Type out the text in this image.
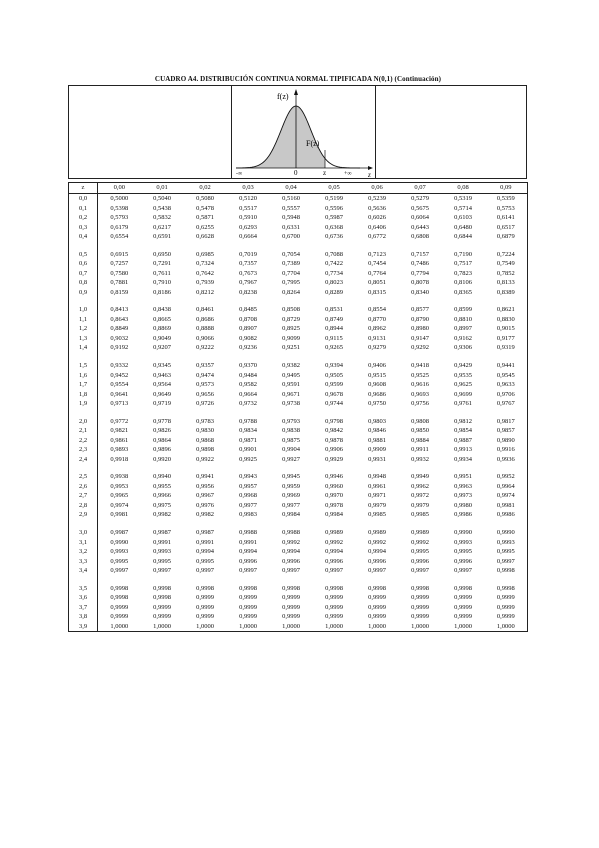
CUADRO A4. DISTRIBUCIÓN CONTINUA NORMAL TIPIFICADA N(0,1) (Continuación)
f(z)
F(z)
-∞	0	z	+∞ z
z	0,00	0,01	0,02	0,03	0,04	0,05	0,06	0,07	0,08	0,09
0,0	0,5000	0,5040	0,5080	0,5120	0,5160	0,5199	0,5239	0,5279	0,5319	0,5359
0,1	0,5398	0,5438	0,5478	0,5517	0,5557	0,5596	0,5636	0,5675	0,5714	0,5753
0,2	0,5793	0,5832	0,5871	0,5910	0,5948	0,5987	0,6026	0,6064	0,6103	0,6141
0,3	0,6179	0,6217	0,6255	0,6293	0,6331	0,6368	0,6406	0,6443	0,6480	0,6517
0,4	0,6554	0,6591	0,6628	0,6664	0,6700	0,6736	0,6772	0,6808	0,6844	0,6879

0,5	0,6915	0,6950	0,6985	0,7019	0,7054	0,7088	0,7123	0,7157	0,7190	0,7224
0,6	0,7257	0,7291	0,7324	0,7357	0,7389	0,7422	0,7454	0,7486	0,7517	0,7549
0,7	0,7580	0,7611	0,7642	0,7673	0,7704	0,7734	0,7764	0,7794	0,7823	0,7852
0,8	0,7881	0,7910	0,7939	0,7967	0,7995	0,8023	0,8051	0,8078	0,8106	0,8133
0,9	0,8159	0,8186	0,8212	0,8238	0,8264	0,8289	0,8315	0,8340	0,8365	0,8389

1,0	0,8413	0,8438	0,8461	0,8485	0,8508	0,8531	0,8554	0,8577	0,8599	0,8621
1,1	0,8643	0,8665	0,8686	0,8708	0,8729	0,8749	0,8770	0,8790	0,8810	0,8830
1,2	0,8849	0,8869	0,8888	0,8907	0,8925	0,8944	0,8962	0,8980	0,8997	0,9015
1,3	0,9032	0,9049	0,9066	0,9082	0,9099	0,9115	0,9131	0,9147	0,9162	0,9177
1,4	0,9192	0,9207	0,9222	0,9236	0,9251	0,9265	0,9279	0,9292	0,9306	0,9319

1,5	0,9332	0,9345	0,9357	0,9370	0,9382	0,9394	0,9406	0,9418	0,9429	0,9441
1,6	0,9452	0,9463	0,9474	0,9484	0,9495	0,9505	0,9515	0,9525	0,9535	0,9545
1,7	0,9554	0,9564	0,9573	0,9582	0,9591	0,9599	0,9608	0,9616	0,9625	0,9633
1,8	0,9641	0,9649	0,9656	0,9664	0,9671	0,9678	0,9686	0,9693	0,9699	0,9706
1,9	0,9713	0,9719	0,9726	0,9732	0,9738	0,9744	0,9750	0,9756	0,9761	0,9767

2,0	0,9772	0,9778	0,9783	0,9788	0,9793	0,9798	0,9803	0,9808	0,9812	0,9817
2,1	0,9821	0,9826	0,9830	0,9834	0,9838	0,9842	0,9846	0,9850	0,9854	0,9857
2,2	0,9861	0,9864	0,9868	0,9871	0,9875	0,9878	0,9881	0,9884	0,9887	0,9890
2,3	0,9893	0,9896	0,9898	0,9901	0,9904	0,9906	0,9909	0,9911	0,9913	0,9916
2,4	0,9918	0,9920	0,9922	0,9925	0,9927	0,9929	0,9931	0,9932	0,9934	0,9936

2,5	0,9938	0,9940	0,9941	0,9943	0,9945	0,9946	0,9948	0,9949	0,9951	0,9952
2,6	0,9953	0,9955	0,9956	0,9957	0,9959	0,9960	0,9961	0,9962	0,9963	0,9964
2,7	0,9965	0,9966	0,9967	0,9968	0,9969	0,9970	0,9971	0,9972	0,9973	0,9974
2,8	0,9974	0,9975	0,9976	0,9977	0,9977	0,9978	0,9979	0,9979	0,9980	0,9981
2,9	0,9981	0,9982	0,9982	0,9983	0,9984	0,9984	0,9985	0,9985	0,9986	0,9986

3,0	0,9987	0,9987	0,9987	0,9988	0,9988	0,9989	0,9989	0,9989	0,9990	0,9990
3,1	0,9990	0,9991	0,9991	0,9991	0,9992	0,9992	0,9992	0,9992	0,9993	0,9993
3,2	0,9993	0,9993	0,9994	0,9994	0,9994	0,9994	0,9994	0,9995	0,9995	0,9995
3,3	0,9995	0,9995	0,9995	0,9996	0,9996	0,9996	0,9996	0,9996	0,9996	0,9997
3,4	0,9997	0,9997	0,9997	0,9997	0,9997	0,9997	0,9997	0,9997	0,9997	0,9998

3,5	0,9998	0,9998	0,9998	0,9998	0,9998	0,9998	0,9998	0,9998	0,9998	0,9998
3,6	0,9998	0,9998	0,9999	0,9999	0,9999	0,9999	0,9999	0,9999	0,9999	0,9999
3,7	0,9999	0,9999	0,9999	0,9999	0,9999	0,9999	0,9999	0,9999	0,9999	0,9999
3,8	0,9999	0,9999	0,9999	0,9999	0,9999	0,9999	0,9999	0,9999	0,9999	0,9999
3,9	1,0000	1,0000	1,0000	1,0000	1,0000	1,0000	1,0000	1,0000	1,0000	1,0000
